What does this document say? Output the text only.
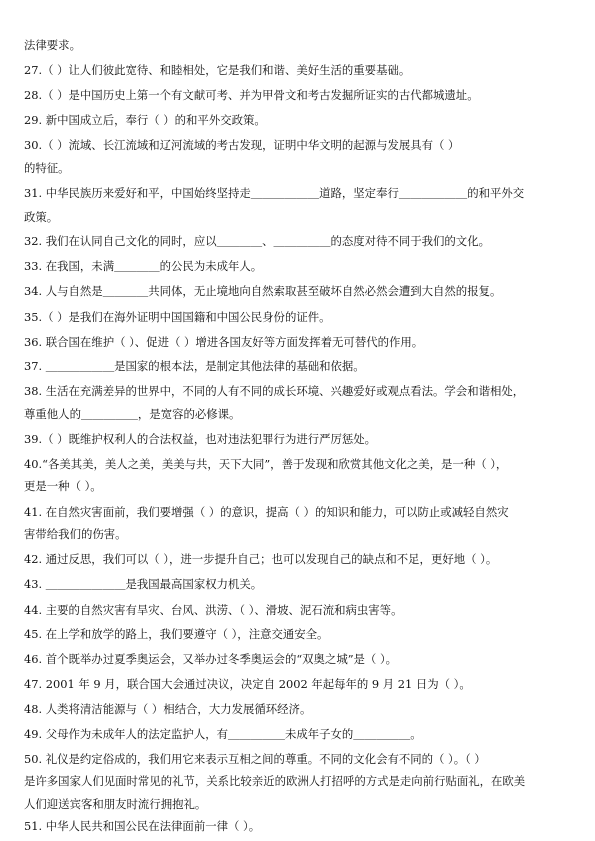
法律要求。
27.（ ）让人们彼此宽待、和睦相处，它是我们和谐、美好生活的重要基础。
28.（ ）是中国历史上第一个有文献可考、并为甲骨文和考古发掘所证实的古代都城遗址。
29. 新中国成立后，奉行（ ）的和平外交政策。
30.（ ）流域、长江流域和辽河流域的考古发现，证明中华文明的起源与发展具有（ ）
的特征。
31. 中华民族历来爱好和平，中国始终坚持走＿＿＿＿＿＿道路，坚定奉行＿＿＿＿＿＿的和平外交
政策。
32. 我们在认同自己文化的同时，应以＿＿＿＿、＿＿＿＿＿的态度对待不同于我们的文化。
33. 在我国，未满＿＿＿＿的公民为未成年人。
34. 人与自然是＿＿＿＿共同体，无止境地向自然索取甚至破坏自然必然会遭到大自然的报复。
35.（ ）是我们在海外证明中国国籍和中国公民身份的证件。
36. 联合国在维护（ ）、促进（ ）增进各国友好等方面发挥着无可替代的作用。
37. ＿＿＿＿＿＿是国家的根本法，是制定其他法律的基础和依据。
38. 生活在充满差异的世界中，不同的人有不同的成长环境、兴趣爱好或观点看法。学会和谐相处，
尊重他人的＿＿＿＿＿，是宽容的必修课。
39.（ ）既维护权利人的合法权益，也对违法犯罪行为进行严厉惩处。
40.“各美其美，美人之美，美美与共，天下大同”，善于发现和欣赏其他文化之美，是一种（ ），
更是一种（ ）。
41. 在自然灾害面前，我们要增强（ ）的意识，提高（ ）的知识和能力，可以防止或减轻自然灾
害带给我们的伤害。
42. 通过反思，我们可以（ ），进一步提升自己；也可以发现自己的缺点和不足，更好地（ ）。
43. ＿＿＿＿＿＿＿是我国最高国家权力机关。
44. 主要的自然灾害有旱灾、台风、洪涝、（ ）、滑坡、泥石流和病虫害等。
45. 在上学和放学的路上，我们要遵守（ ），注意交通安全。
46. 首个既举办过夏季奥运会，又举办过冬季奥运会的“双奥之城”是（ ）。
47. 2001 年 9 月，联合国大会通过决议，决定自 2002 年起每年的 9 月 21 日为（ ）。
48. 人类将清洁能源与（ ）相结合，大力发展循环经济。
49. 父母作为未成年人的法定监护人，有＿＿＿＿＿未成年子女的＿＿＿＿＿。
50. 礼仪是约定俗成的，我们用它来表示互相之间的尊重。不同的文化会有不同的（ ）。（ ）
是许多国家人们见面时常见的礼节，关系比较亲近的欧洲人打招呼的方式是走向前行贴面礼，在欧美
人们迎送宾客和朋友时流行拥抱礼。
51. 中华人民共和国公民在法律面前一律（ ）。
